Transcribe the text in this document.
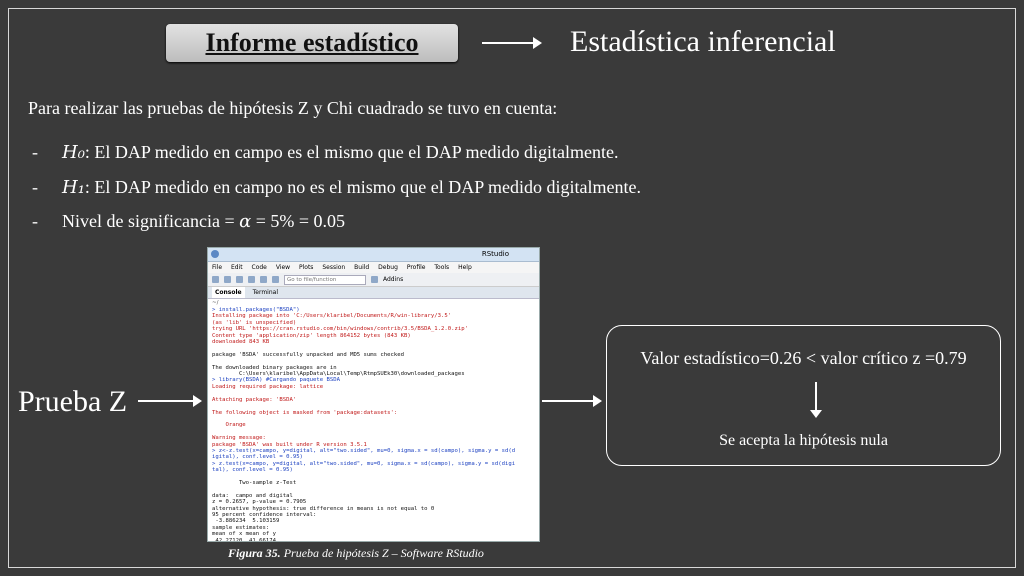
Informe estadístico	Estadística inferencial
Para realizar las pruebas de hipótesis Z y Chi cuadrado se tuvo en cuenta:
- H₀: El DAP medido en campo es el mismo que el DAP medido digitalmente.
- H₁: El DAP medido en campo no es el mismo que el DAP medido digitalmente.
- Nivel de significancia = α = 5% = 0.05
RStudio
File Edit Code View Plots Session Build Debug Profile Tools Help
Go to file/function	Addins
Console	Terminal
~/
> install.packages("BSDA")
Installing package into 'C:/Users/klaribel/Documents/R/win-library/3.5'
(as 'lib' is unspecified)
trying URL 'https://cran.rstudio.com/bin/windows/contrib/3.5/BSDA_1.2.0.zip'
Content type 'application/zip' length 864152 bytes (843 KB)
downloaded 843 KB

package 'BSDA' successfully unpacked and MD5 sums checked

The downloaded binary packages are in
C:\Users\klaribel\AppData\Local\Temp\RtmpSUEk30\downloaded_packages
> library(BSDA) #Cargando paquete BSDA
Loading required package: lattice

Attaching package: 'BSDA'

The following object is masked from 'package:datasets':

Orange

Warning message:
package 'BSDA' was built under R version 3.5.1
> z<-z.test(x=campo, y=digital, alt="two.sided", mu=0, sigma.x = sd(campo), sigma.y = sd(d
igital), conf.level = 0.95)
> z.test(x=campo, y=digital, alt="two.sided", mu=0, sigma.x = sd(campo), sigma.y = sd(digi
tal), conf.level = 0.95)

Two-sample z-Test

data:  campo and digital
z = 0.2657, p-value = 0.7905
alternative hypothesis: true difference in means is not equal to 0
95 percent confidence interval:
-3.886234  5.103159
sample estimates:
mean of x mean of y
42.27120  41.66174
Figura 35. Prueba de hipótesis Z – Software RStudio
Prueba Z
Valor estadístico=0.26 < valor crítico z =0.79
Se acepta la hipótesis nula
